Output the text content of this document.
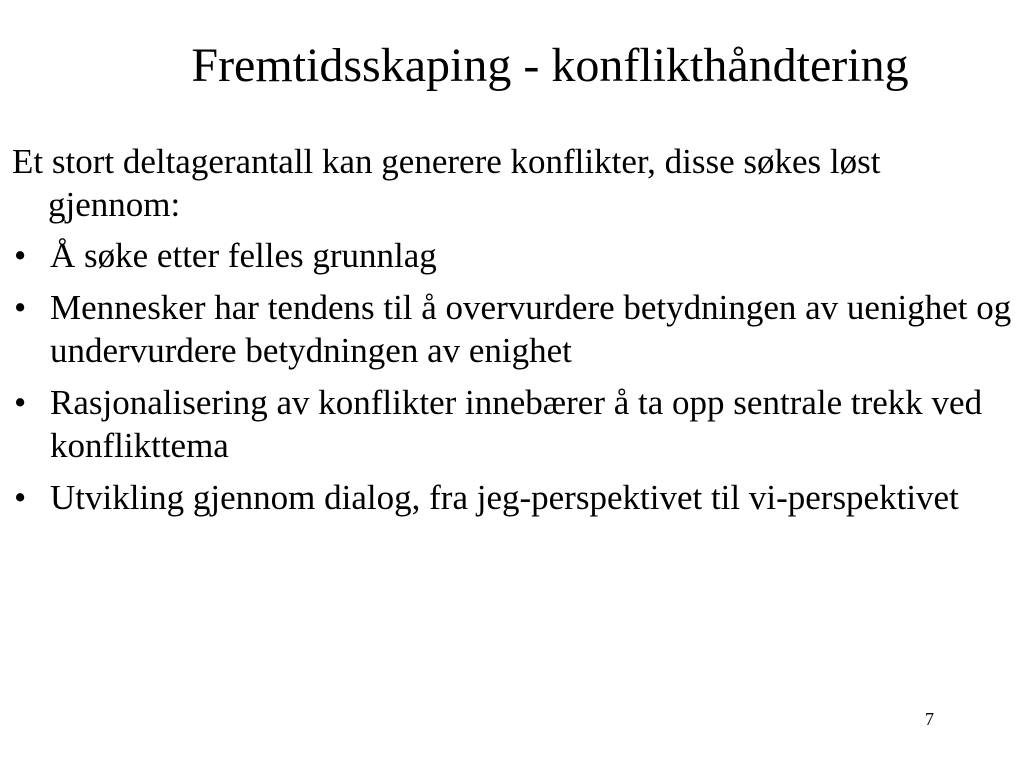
Fremtidsskaping - konflikthåndtering

Et stort deltagerantall kan generere konflikter, disse søkes løst gjennom:

• Å søke etter felles grunnlag
• Mennesker har tendens til å overvurdere betydningen av uenighet og undervurdere betydningen av enighet
• Rasjonalisering av konflikter innebærer å ta opp sentrale trekk ved konflikttema
• Utvikling gjennom dialog, fra jeg-perspektivet til vi-perspektivet
7
